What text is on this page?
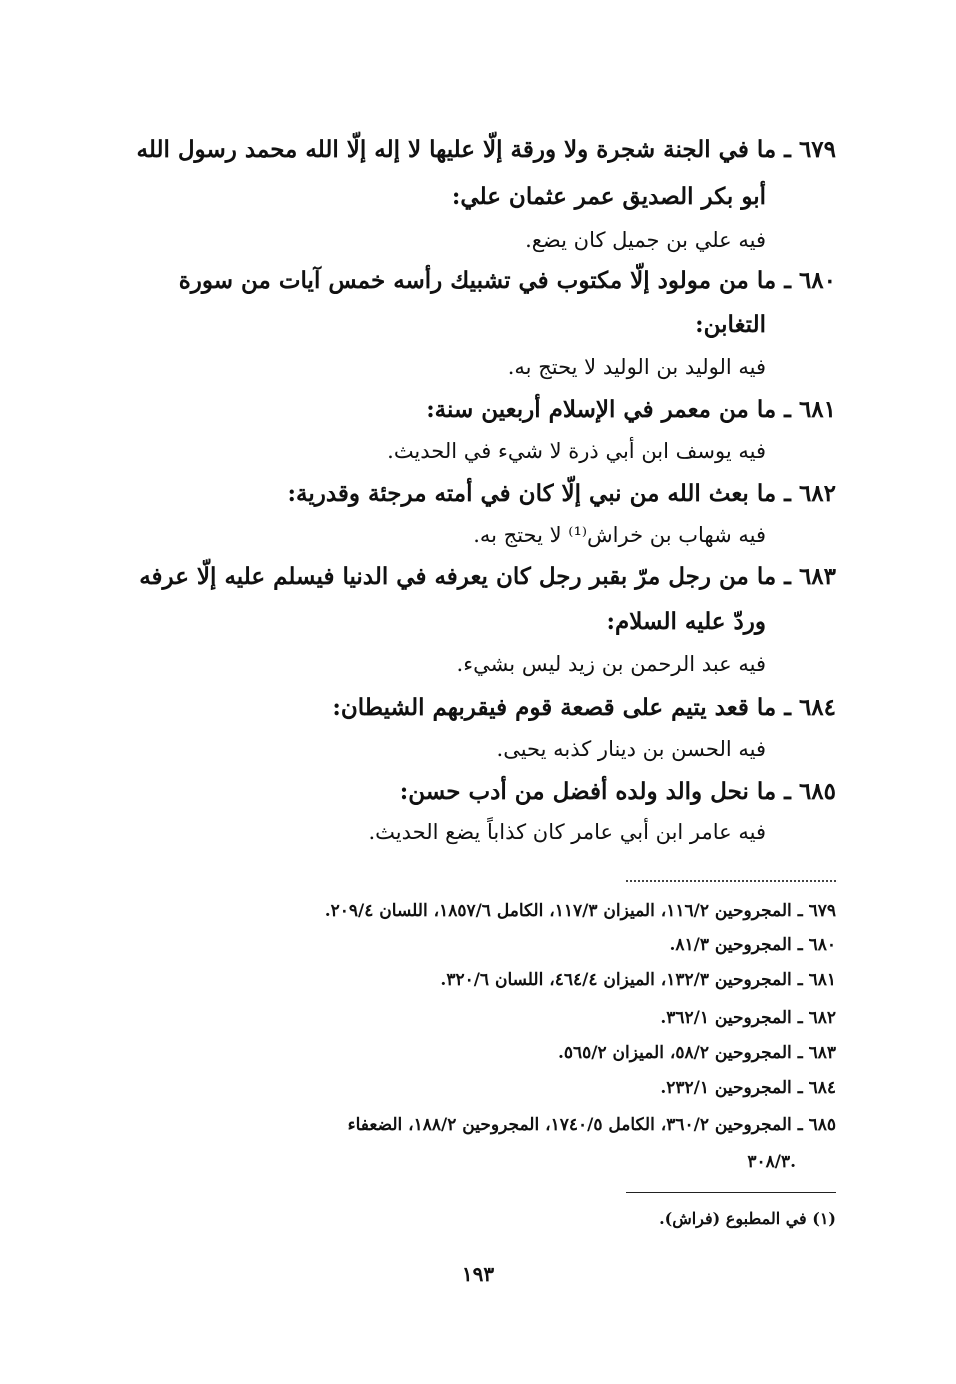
٦٧٩ ـ ما في الجنة شجرة ولا ورقة إلّا عليها لا إله إلّا الله محمد رسول الله
أبو بكر الصديق عمر عثمان علي:
فيه علي بن جميل كان يضع.
٦٨٠ ـ ما من مولود إلّا مكتوب في تشبيك رأسه خمس آيات من سورة
التغابن:
فيه الوليد بن الوليد لا يحتج به.
٦٨١ ـ ما من معمر في الإسلام أربعين سنة:
فيه يوسف ابن أبي ذرة لا شيء في الحديث.
٦٨٢ ـ ما بعث الله من نبي إلّا كان في أمته مرجئة وقدرية:
فيه شهاب بن خراش⁽¹⁾ لا يحتج به.
٦٨٣ ـ ما من رجل مرّ بقبر رجل كان يعرفه في الدنيا فيسلم عليه إلّا عرفه
وردّ عليه السلام:
فيه عبد الرحمن بن زيد ليس بشيء.
٦٨٤ ـ ما قعد يتيم على قصعة قوم فيقربهم الشيطان:
فيه الحسن بن دينار كذبه يحيى.
٦٨٥ ـ ما نحل والد ولده أفضل من أدب حسن:
فيه عامر ابن أبي عامر كان كذاباً يضع الحديث.
٦٧٩ ـ المجروحين ١١٦/٢، الميزان ١١٧/٣، الكامل ١٨٥٧/٦، اللسان ٢٠٩/٤.
٦٨٠ ـ المجروحين ٨١/٣.
٦٨١ ـ المجروحين ١٣٢/٣، الميزان ٤٦٤/٤، اللسان ٣٢٠/٦.
٦٨٢ ـ المجروحين ٣٦٢/١.
٦٨٣ ـ المجروحين ٥٨/٢، الميزان ٥٦٥/٢.
٦٨٤ ـ المجروحين ٢٣٢/١.
٦٨٥ ـ المجروحين ٣٦٠/٢، الكامل ١٧٤٠/٥، المجروحين ١٨٨/٢، الضعفاء
٣٠٨/٣.
(١) في المطبوع (فراش).
١٩٣
